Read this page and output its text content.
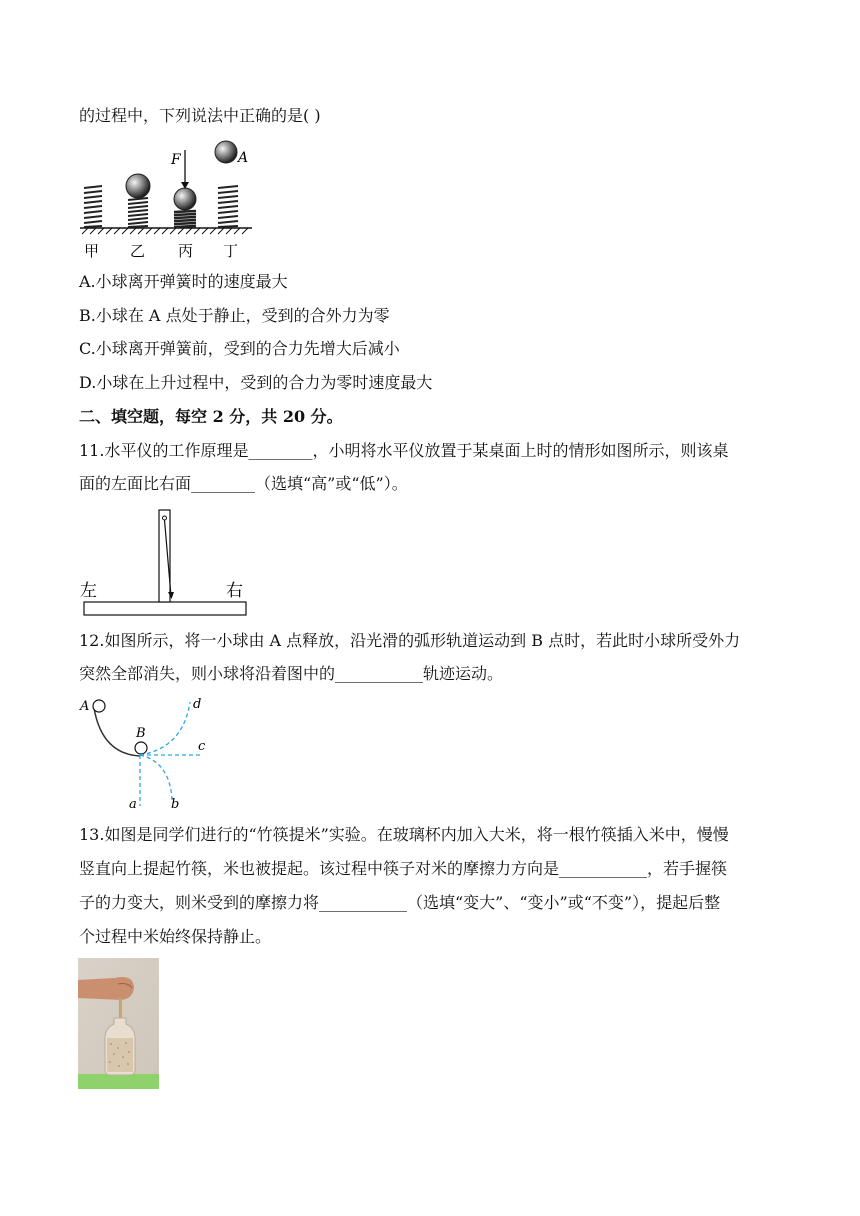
的过程中，下列说法中正确的是( )
F	A
甲 乙 丙 丁
A.小球离开弹簧时的速度最大
B.小球在 A 点处于静止，受到的合外力为零
C.小球离开弹簧前，受到的合力先增大后减小
D.小球在上升过程中，受到的合力为零时速度最大
二、填空题，每空 2 分，共 20 分。
11.水平仪的工作原理是________，小明将水平仪放置于某桌面上时的情形如图所示，则该桌
面的左面比右面________（选填“高”或“低”）。
左	右
12.如图所示，将一小球由 A 点释放，沿光滑的弧形轨道运动到 B 点时，若此时小球所受外力
突然全部消失，则小球将沿着图中的___________轨迹运动。
A
B
a	b
c
d
13.如图是同学们进行的“竹筷提米”实验。在玻璃杯内加入大米，将一根竹筷插入米中，慢慢
竖直向上提起竹筷，米也被提起。该过程中筷子对米的摩擦力方向是___________，若手握筷
子的力变大，则米受到的摩擦力将___________（选填“变大”、“变小”或“不变”），提起后整
个过程中米始终保持静止。
